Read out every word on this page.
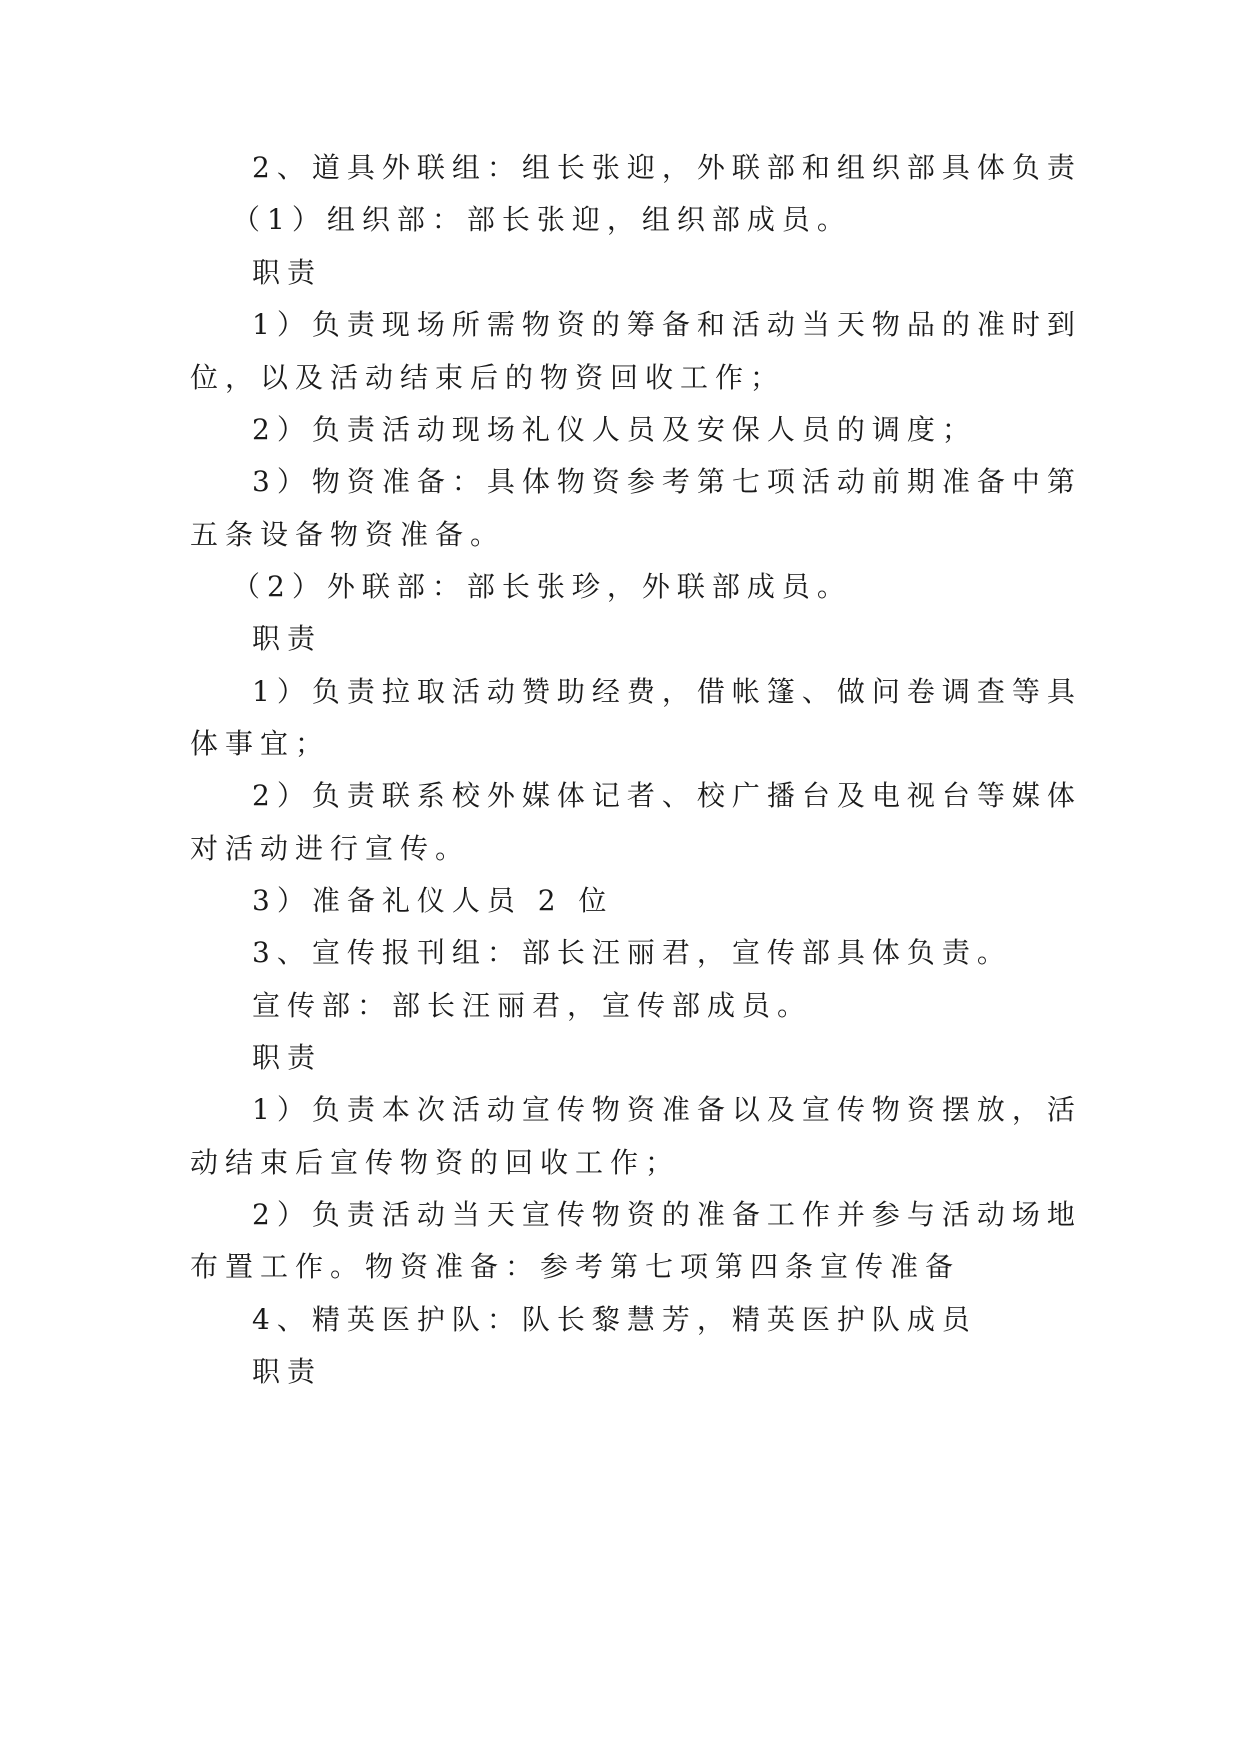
2、道具外联组：组长张迎，外联部和组织部具体负责
（1）组织部：部长张迎，组织部成员。
职责
1）负责现场所需物资的筹备和活动当天物品的准时到
位，以及活动结束后的物资回收工作；
2）负责活动现场礼仪人员及安保人员的调度；
3）物资准备：具体物资参考第七项活动前期准备中第
五条设备物资准备。
（2）外联部：部长张珍，外联部成员。
职责
1）负责拉取活动赞助经费，借帐篷、做问卷调查等具
体事宜；
2）负责联系校外媒体记者、校广播台及电视台等媒体
对活动进行宣传。
3）准备礼仪人员 2 位
3、宣传报刊组：部长汪丽君，宣传部具体负责。
宣传部：部长汪丽君，宣传部成员。
职责
1）负责本次活动宣传物资准备以及宣传物资摆放，活
动结束后宣传物资的回收工作；
2）负责活动当天宣传物资的准备工作并参与活动场地
布置工作。物资准备：参考第七项第四条宣传准备
4、精英医护队：队长黎慧芳，精英医护队成员
职责
